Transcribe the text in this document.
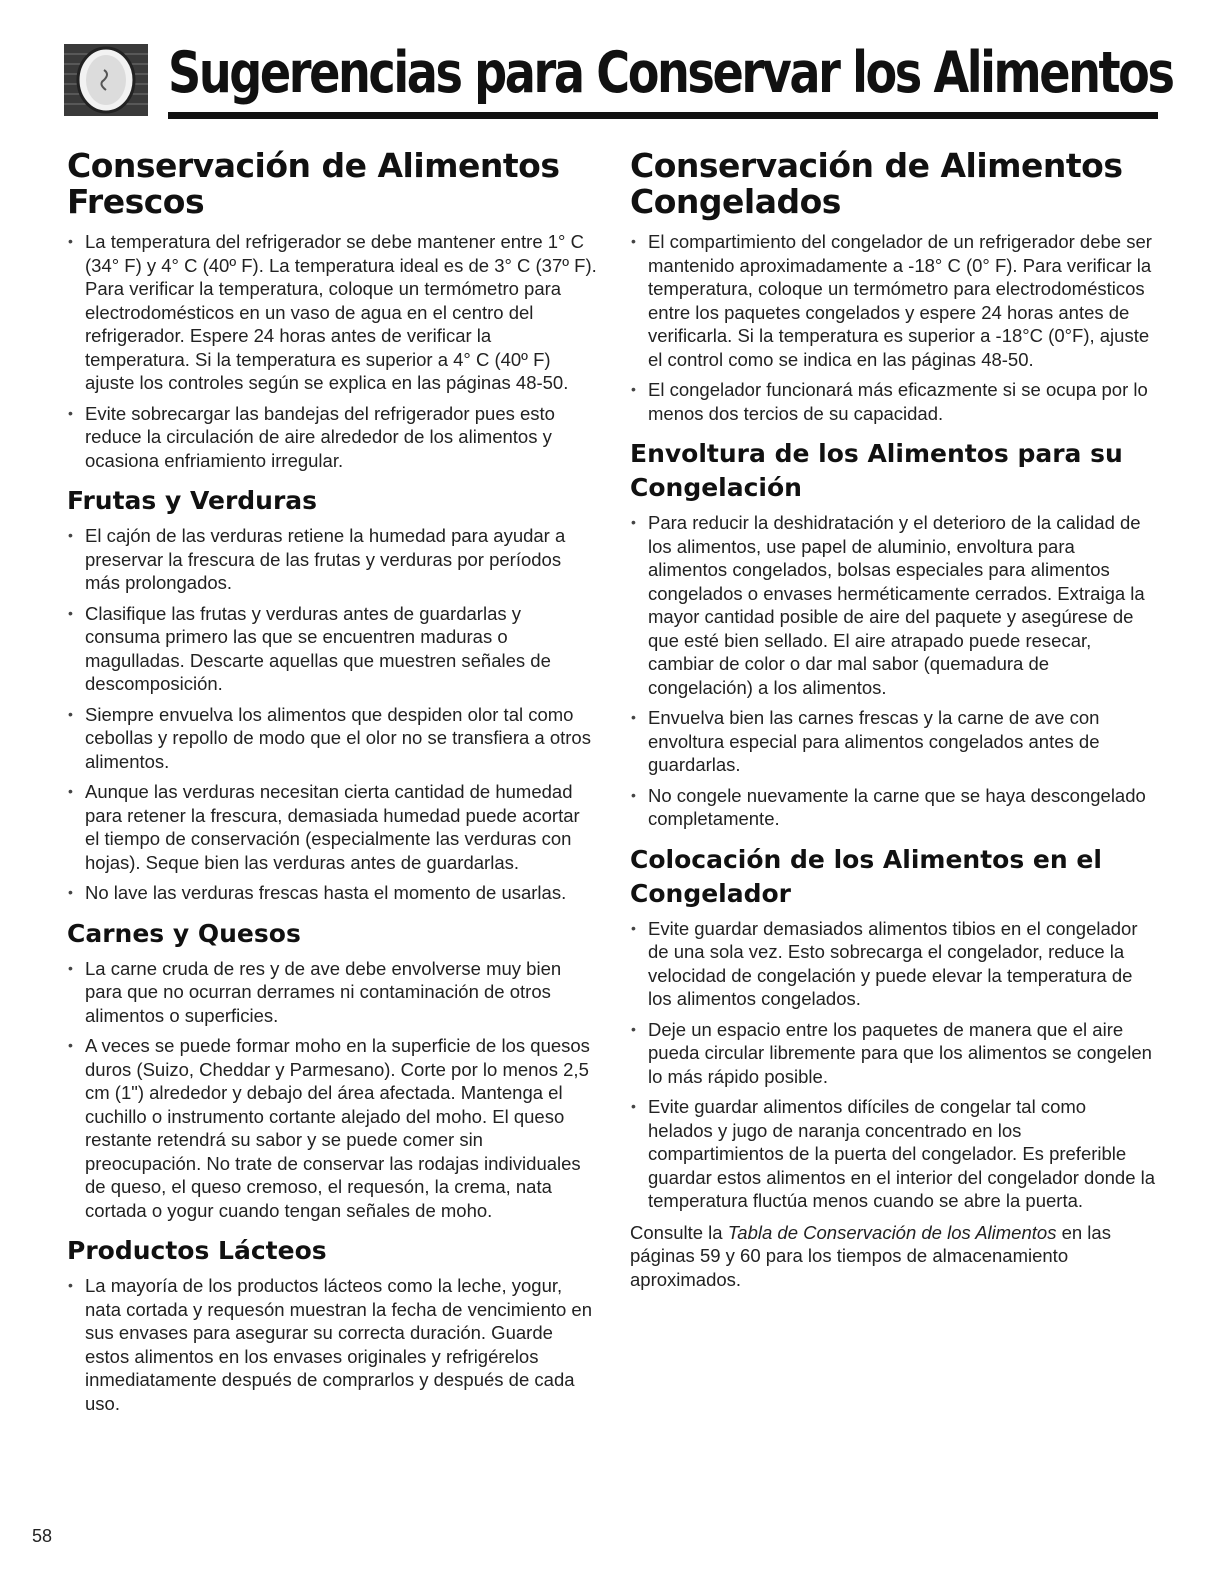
Sugerencias para Conservar los Alimentos
Conservación de Alimentos Frescos
• La temperatura del refrigerador se debe mantener entre 1° C (34° F) y 4° C (40º F). La temperatura ideal es de 3° C (37º F). Para verificar la temperatura, coloque un termómetro para electrodomésticos en un vaso de agua en el centro del refrigerador. Espere 24 horas antes de verificar la temperatura. Si la temperatura es superior a 4° C (40º F) ajuste los controles según se explica en las páginas 48-50.
• Evite sobrecargar las bandejas del refrigerador pues esto reduce la circulación de aire alrededor de los alimentos y ocasiona enfriamiento irregular.
Frutas y Verduras
• El cajón de las verduras retiene la humedad para ayudar a preservar la frescura de las frutas y verduras por períodos más prolongados.
• Clasifique las frutas y verduras antes de guardarlas y consuma primero las que se encuentren maduras o magulladas. Descarte aquellas que muestren señales de descomposición.
• Siempre envuelva los alimentos que despiden olor tal como cebollas y repollo de modo que el olor no se transfiera a otros alimentos.
• Aunque las verduras necesitan cierta cantidad de humedad para retener la frescura, demasiada humedad puede acortar el tiempo de conservación (especialmente las verduras con hojas). Seque bien las verduras antes de guardarlas.
• No lave las verduras frescas hasta el momento de usarlas.
Carnes y Quesos
• La carne cruda de res y de ave debe envolverse muy bien para que no ocurran derrames ni contaminación de otros alimentos o superficies.
• A veces se puede formar moho en la superficie de los quesos duros (Suizo, Cheddar y Parmesano). Corte por lo menos 2,5 cm (1") alrededor y debajo del área afectada. Mantenga el cuchillo o instrumento cortante alejado del moho. El queso restante retendrá su sabor y se puede comer sin preocupación. No trate de conservar las rodajas individuales de queso, el queso cremoso, el requesón, la crema, nata cortada o yogur cuando tengan señales de moho.
Productos Lácteos
• La mayoría de los productos lácteos como la leche, yogur, nata cortada y requesón muestran la fecha de vencimiento en sus envases para asegurar su correcta duración. Guarde estos alimentos en los envases originales y refrigérelos inmediatamente después de comprarlos y después de cada uso.
Conservación de Alimentos Congelados
• El compartimiento del congelador de un refrigerador debe ser mantenido aproximadamente a -18° C (0° F). Para verificar la temperatura, coloque un termómetro para electrodomésticos entre los paquetes congelados y espere 24 horas antes de verificarla. Si la temperatura es superior a -18°C (0°F), ajuste el control como se indica en las páginas 48-50.
• El congelador funcionará más eficazmente si se ocupa por lo menos dos tercios de su capacidad.
Envoltura de los Alimentos para su Congelación
• Para reducir la deshidratación y el deterioro de la calidad de los alimentos, use papel de aluminio, envoltura para alimentos congelados, bolsas especiales para alimentos congelados o envases herméticamente cerrados. Extraiga la mayor cantidad posible de aire del paquete y asegúrese de que esté bien sellado. El aire atrapado puede resecar, cambiar de color o dar mal sabor (quemadura de congelación) a los alimentos.
• Envuelva bien las carnes frescas y la carne de ave con envoltura especial para alimentos congelados antes de guardarlas.
• No congele nuevamente la carne que se haya descongelado completamente.
Colocación de los Alimentos en el Congelador
• Evite guardar demasiados alimentos tibios en el congelador de una sola vez. Esto sobrecarga el congelador, reduce la velocidad de congelación y puede elevar la temperatura de los alimentos congelados.
• Deje un espacio entre los paquetes de manera que el aire pueda circular libremente para que los alimentos se congelen lo más rápido posible.
• Evite guardar alimentos difíciles de congelar tal como helados y jugo de naranja concentrado en los compartimientos de la puerta del congelador. Es preferible guardar estos alimentos en el interior del congelador donde la temperatura fluctúa menos cuando se abre la puerta.

Consulte la Tabla de Conservación de los Alimentos en las páginas 59 y 60 para los tiempos de almacenamiento aproximados.

58
